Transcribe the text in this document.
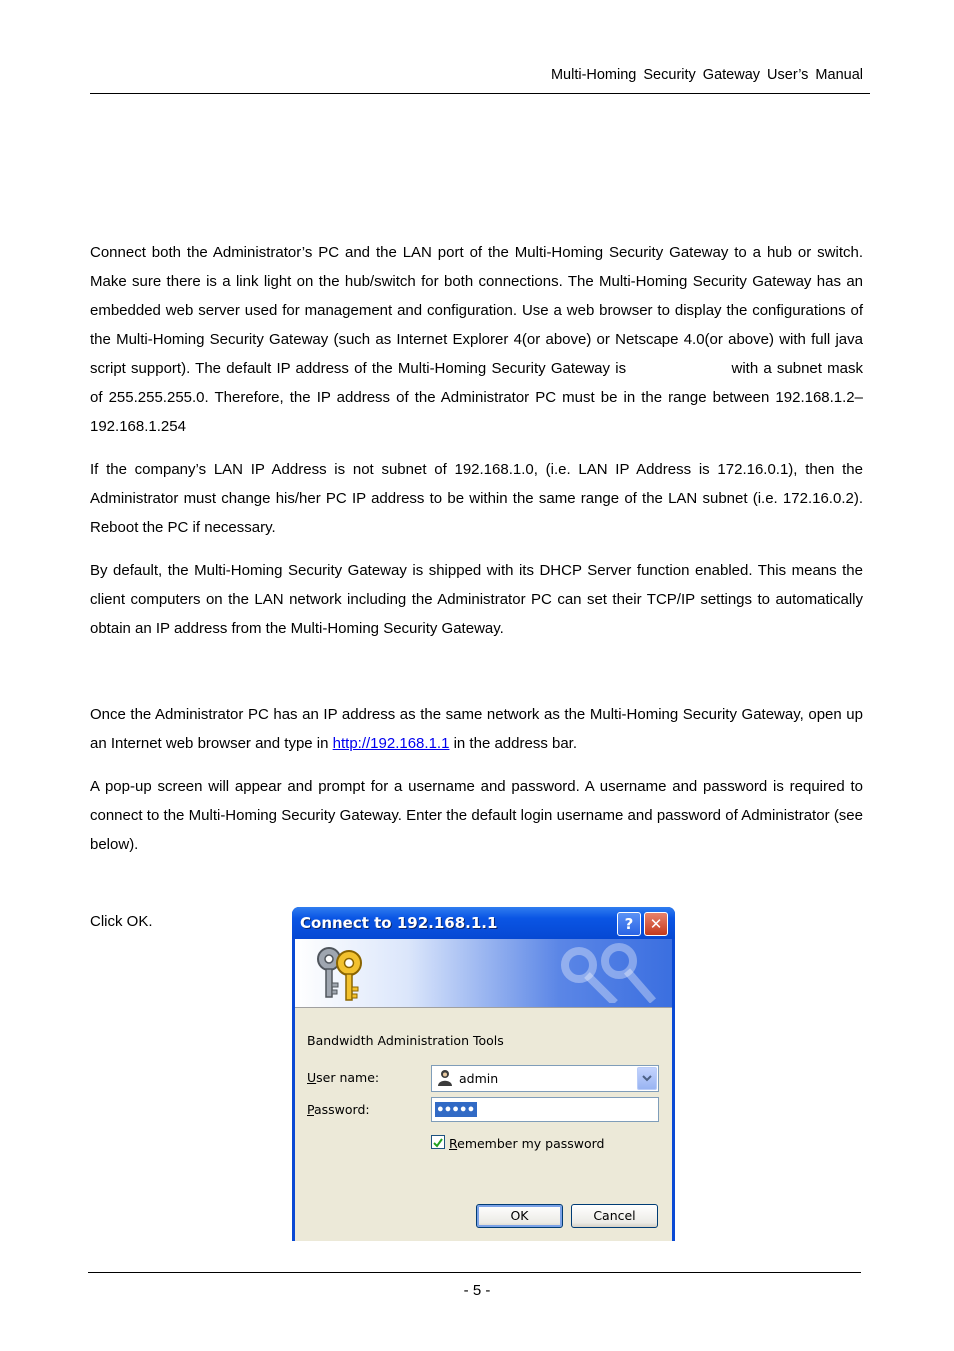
Multi-Homing Security Gateway User’s Manual

Connect both the Administrator’s PC and the LAN port of the Multi-Homing Security Gateway to a hub or switch. Make sure there is a link light on the hub/switch for both connections. The Multi-Homing Security Gateway has an embedded web server used for management and configuration. Use a web browser to display the configurations of the Multi-Homing Security Gateway (such as Internet Explorer 4(or above) or Netscape 4.0(or above) with full java script support). The default IP address of the Multi-Homing Security Gateway is	with a subnet mask of 255.255.255.0. Therefore, the IP address of the Administrator PC must be in the range between 192.168.1.2– 192.168.1.254

If the company’s LAN IP Address is not subnet of 192.168.1.0, (i.e. LAN IP Address is 172.16.0.1), then the Administrator must change his/her PC IP address to be within the same range of the LAN subnet (i.e. 172.16.0.2). Reboot the PC if necessary.

By default, the Multi-Homing Security Gateway is shipped with its DHCP Server function enabled. This means the client computers on the LAN network including the Administrator PC can set their TCP/IP settings to automatically obtain an IP address from the Multi-Homing Security Gateway.

Once the Administrator PC has an IP address as the same network as the Multi-Homing Security Gateway, open up an Internet web browser and type in http://192.168.1.1 in the address bar.

A pop-up screen will appear and prompt for a username and password. A username and password is required to connect to the Multi-Homing Security Gateway. Enter the default login username and password of Administrator (see below).

Click OK.	Connect to 192.168.1.1	?	✕
Bandwidth Administration Tools
User name:	admin
Password:	●●●●●
Remember my password
OK	Cancel
- 5 -
